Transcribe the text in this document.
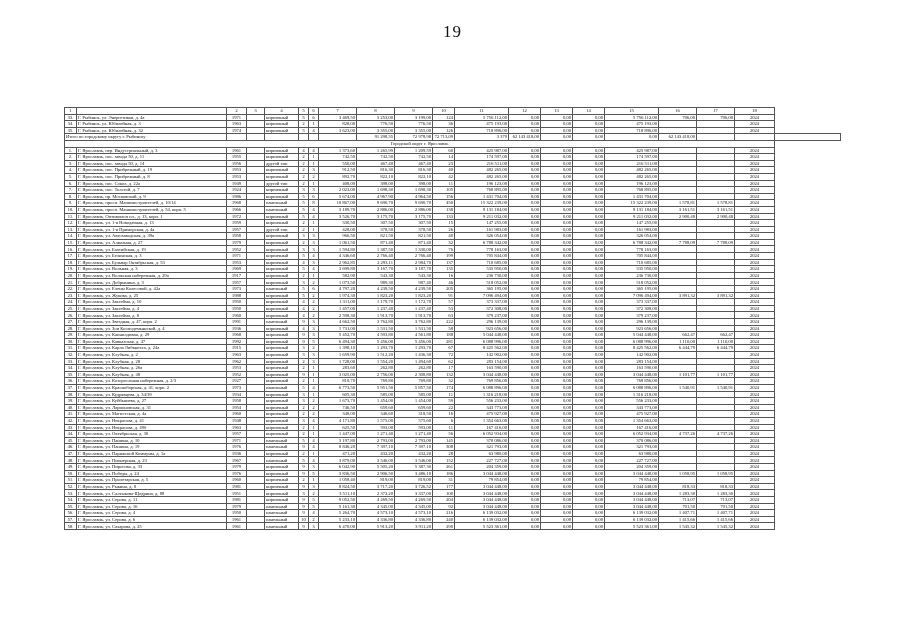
19
1		2	3	4	5	6	7	8	9	10	11	12	13	14	15	16	17	18	
33.	Г. Рыбинск, ул. Энергетиков, д. 4а	1971		кирпичный	5	6	3 469,50	3 253,00	3 199,00	124	5 756 112,00	0,00	0,00	0,00	5 756 112,00	706,00	706,00	2024	
34.	Г. Рыбинск, ул. Юбилейная, д. 3	1963		кирпичный	2	1	828,00	776,50	776,50	36	475 193,00	0,00	0,00	0,00	475 193,00			2024	
35.	Г. Рыбинск, ул. Юбилейная, д. 32	1974		кирпичный	5	4	3 623,00	3 355,00	3 355,00	126	718 896,00	0,00	0,00	0,00	718 896,00			2024	
Итого по городскому округу г. Рыбинску								91 298,35	72 978,98	72 713,09	3 379	62 143 418,00	0,00	0,00	0,00	62 143 418,00			
Городской округ г. Ярославль																			
1.	Г. Ярославль, пер. Индустриальный, д. 3	1961		кирпичный	4	4	1 373,60	1 265,99	1 209,59	60	425 987,00	0,00	0,00	0,00	425 987,00			2024	
2.	Г. Ярославль, пос. завода 50, д. 11	1955		кирпичный	2	1	742,50	742,50	742,50	14	174 597,00	0,00	0,00	0,00	174 597,00			2024	
3.	Г. Ярославль, пос. завода 50, д. 14	1956		другой тип	2	1	550,00	467,40	467,40	23	216 511,00	0,00	0,00	0,00	216 511,00			2024	
4.	Г. Ярославль, пос. Прибрежный, д. 19	1953		кирпичный	2	3	912,50	816,30	816,30	40	482 265,00	0,00	0,00	0,00	482 265,00			2024	
5.	Г. Ярославль, пос. Прибрежный, д. 8	1953		кирпичный	2	2	892,70	822,10	822,10	42	482 265,00	0,00	0,00	0,00	482 265,00			2024	
6.	Г. Ярославль, пос. Сокол, д. 22а	1949		другой тип	2	1	408,00	398,00	398,00	11	196 123,00	0,00	0,00	0,00	196 123,00			2024	
7.	Г. Ярославль, пос. Толстой, д. 7	1924		кирпичный	3	3	2 023,00	1 698,30	1 698,30	105	768 895,00	0,00	0,00	0,00	768 895,00			2024	
8.	Г. Ярославль, пр. Московский, д. 9	1986		кирпичный	5	6	5 674,00	4 967,90	4 964,50	156	1 431 704,00	0,00	0,00	0,00	1 431 704,00			2024	
9.	Г. Ярославль, просп. Машиностроителей, д. 10/14	1968		панельный	5	8	10 867,00	9 690,70	9 690,70	450	15 322 239,00	0,00	0,00	0,00	15 322 239,00	1 578,81	1 578,81	2024	
10.	Г. Ярославль, просп. Машиностроителей, д. 54, корп. 5	1966		панельный	5	4	3 189,70	2 886,00	2 886,00	138	9 131 184,00	0,00	0,00	0,00	9 131 184,00	3 161,51	3 161,51	2024	
11.	Г. Ярославль, Оптимилоп пл., д. 13, корп. 1	1972		кирпичный	5	4	3 526,70	3 175,70	3 175,70	133	9 211 032,00	0,00	0,00	0,00	9 211 032,00	2 900,48	2 900,48	2024	
12.	Г. Ярославль, ул. 1-я Новодачная, д. 13	1959		кирпичный	2	1	330,50	307,50	307,50	15	147 255,00	0,00	0,00	0,00	147 255,00			2024	
13.	Г. Ярославль, ул. 1-я Приморская, д. 4а	1957		другой тип	2	1	428,00	378,50	378,50	26	161 983,00	0,00	0,00	0,00	161 983,00			2024	
14.	Г. Ярославль, ул. Автозаводская, д. 39а	1958		кирпичный	3	3	966,50	821,50	821,50	40	326 054,00	0,00	0,00	0,00	326 054,00			2024	
15.	Г. Ярославль, ул. Алмазная, д. 27	1979		кирпичный	2	3	1 061,50	871,40	871,40	32	6 788 342,00	0,00	0,00	0,00	6 788 342,00	7 788,09	7 788,09	2024	
16.	Г. Ярославль, ул. Бахтийская, д. 19	1952		кирпичный	3	3	1 594,80	1 387,50	1 330,00	76	778 163,00	0,00	0,00	0,00	778 163,00			2024	
17.	Г. Ярославль, ул. Белинская, д. 3	1971		кирпичный	5	4	4 346,60	2 766,40	2 766,40	199	705 844,00	0,00	0,00	0,00	705 844,00			2024	
18.	Г. Ярославль, ул. Бульвар Октябрьская, д. 53	1953		кирпичный	4	3	2 962,85	2 293,11	2 984,70	137	710 685,00	0,00	0,00	0,00	710 685,00			2024	
19.	Г. Ярославль, ул. Вольная, д. 3	1969		кирпичный	5	4	3 699,80	3 167,70	3 187,70	135	535 950,00	0,00	0,00	0,00	535 950,00			2024	
20.	Г. Ярославль, ул. Волжская набережная, д. 29а	1917		кирпичный	2	1	582,90	543,30	543,30	16	236 730,00	0,00	0,00	0,00	236 730,00			2024	
21.	Г. Ярославль, ул. Добрынина, д. 3	1957		кирпичный	3	2	1 073,50	989,30	987,40	46	518 052,00	0,00	0,00	0,00	518 052,00			2024	
22.	Г. Ярославль, ул. Елены Колесовой, д. 42а	1973		панельный	5	6	4 797,20	4 239,50	4 239,50	205	365 195,00	0,00	0,00	0,00	365 195,00			2024	
23.	Г. Ярославль, ул. Жукова, д. 25	1988		кирпичный	5	2	1 974,30	1 823,20	1 823,20	91	7 096 494,00	0,00	0,00	0,00	7 096 494,00	3 891,32	3 891,32	2024	
24.	Г. Ярославль, ул. Закгейма, д. 10	1950		кирпичный	4	2	1 311,00	1 179,70	1 172,70	57	373 337,00	0,00	0,00	0,00	373 337,00			2024	
25.	Г. Ярославль, ул. Закгейма, д. 4	1950		кирпичный	4	2	1 457,00	1 237,40	1 237,40	53	372 308,00	0,00	0,00	0,00	372 308,00			2024	
26.	Г. Ярославль, ул. Закгейма, д. 8	1960		кирпичный	4	2	2 598,30	1 913,70	1 913,70	63	379 237,00	0,00	0,00	0,00	379 237,00			2024	
27.	Г. Ярославль, ул. Звездная, д. 47, корп. 2	1991		панельный	9	3	4 662,50	3 762,80	3 762,80	222	296 139,00	0,00	0,00	0,00	296 139,00			2024	
28.	Г. Ярославль, ул. Зои Космодемьянской, д. 4	1936		кирпичный	4	3	1 731,00	1 531,50	1 531,50	58	923 656,00	0,00	0,00	0,00	923 656,00			2024	
29.	Г. Ярославль, ул. Капнилдивая, д. 29	1968		кирпичный	9	3	5 452,70	4 593,80	4 561,80	188	5 044 448,00	0,00	0,00	0,00	5 044 448,00	662,47	662,47	2024	
30.	Г. Ярославль, ул. Кавказская, д. 47	1992		кирпичный	9	5	6 494,30	5 456,00	5 456,00	281	6 088 996,00	0,00	0,00	0,00	6 088 996,00	1 110,00	1 110,00	2024	
31.	Г. Ярославль, ул. Карла Либкнехта, д. 24а	1915		кирпичный	3	2	1 398,10	1 293,70	1 293,70	67	8 425 562,00	0,00	0,00	0,00	8 425 562,00	6 444,79	6 444,79	2024	
32.	Г. Ярославль, ул. Клубная, д. 2	1963		кирпичный	3	3	1 659,90	1 512,20	1 436,30	72	142 902,00	0,00	0,00	0,00	142 902,00			2024	
33.	Г. Ярославль, ул. Клубная, д. 28	1962		кирпичный	2	3	1 728,00	1 554,20	1 494,60	62	283 154,00	0,00	0,00	0,00	283 154,00			2024	
34.	Г. Ярославль, ул. Клубная, д. 26а	1953		кирпичный	2	1	283,60	262,80	262,80	17	163 590,00	0,00	0,00	0,00	163 590,00			2024	
35.	Г. Ярославль, ул. Клубная, д. 48	1952		кирпичный	9	1	3 025,00	2 756,00	2 308,80	132	3 044 448,00	0,00	0,00	0,00	3 044 448,00	1 101,77	1 101,77	2024	
36.	Г. Ярославль, ул. Которосльная набережная, д. 2/3	1927		кирпичный	2	1	810,70	769,80	769,80	32	769 856,00	0,00	0,00	0,00	769 856,00			2024	
37.	Г. Ярославль, ул. Красноборская, д. 41, корп. 2	1973		панельный	5	4	6 773,50	5 951,50	5 857,50	174	6 088 896,00	0,00	0,00	0,00	6 088 896,00	1 540,91	1 540,91	2024	
38.	Г. Ярославль, ул. Кудрявцева, д. 34/39	1934		кирпичный	3	1	605,30	585,00	585,00	11	1 316 218,00	0,00	0,00	0,00	1 316 218,00			2024	
39.	Г. Ярославль, ул. Куйбышева, д. 27	1958		кирпичный	3	2	1 673,70	1 454,00	1 454,00	59	556 233,00	0,00	0,00	0,00	556 233,00			2024	
40.	Г. Ярославль, ул. Ларионовская, д. 31	1954		кирпичный	2	2	746,50	659,60	659,60	22	343 773,00	0,00	0,00	0,00	343 773,00			2024	
41.	Г. Ярославль, ул. Магистская, д. 4а	1960		кирпичный	2	2	348,00	346,60	318,50	16	475 927,00	0,00	0,00	0,00	475 927,00			2024	
42.	Г. Ярославль, ул. Некрасова, д. 41	1948		кирпичный	3	4	4 171,80	1 575,00	575,60	6	1 354 663,00	0,00	0,00	0,00	1 354 663,00			2024	
43.	Г. Ярославль, ул. Некрасова, д. 49б	1963		кирпичный	2	1	625,50	593,00	593,00	11	167 416,00	0,00	0,00	0,00	167 416,00			2024	
44.	Г. Ярославль, ул. Октябрьская, д. 30	1957		кирпичный	2	1	1 447,00	1 271,40	1 271,40	56	6 052 934,00	0,00	0,00	0,00	6 052 934,00	4 737,26	4 737,26	2024	
45.	Г. Ярославль, ул. Пашина, д. 10	1971		панельный	5	4	3 197,80	2 793,00	2 793,00	145	370 086,00	0,00	0,00	0,00	370 086,00			2024	
46.	Г. Ярославль, ул. Пашина, д. 19	1976		панельный	9	4	8 846,20	7 397,10	7 397,10	308	321 793,00	0,00	0,00	0,00	321 793,00			2024	
47.	Г. Ярославль, ул. Парижской Коммуны, д. 1а	1936		кирпичный	2	1	471,20	432,20	432,20	28	63 980,00	0,00	0,00	0,00	63 980,00			2024	
48.	Г. Ярославль, ул. Пионерская, д. 23	1967		панельный	5	4	3 879,00	3 546,00	3 546,00	152	227 727,00	0,00	0,00	0,00	227 727,00			2024	
49.	Г. Ярославль, ул. Пирогова, д. 33	1979		кирпичный	9	3	6 042,90	5 505,20	5 387,30	261	204 359,00	0,00	0,00	0,00	204 359,00			2024	
50.	Г. Ярославль, ул. Победы, д. 24	1976		кирпичный	9	5	3 836,50	2 906,50	3 486,10	186	3 044 448,00	0,00	0,00	0,00	3 044 448,00	1 058,95	1 058,95	2024	
51.	Г. Ярославль, ул. Пролетарская, д. 5	1960		кирпичный	2	1	1 058,40	819,00	819,00	31	79 854,00	0,00	0,00	0,00	79 854,00			2024	
52.	Г. Ярославль, ул. Рыкина, д. 8	1981		кирпичный	9	3	8 824,50	3 717,20	3 726,52	177	3 044 448,00	0,00	0,00	0,00	3 044 448,00	818,33	818,33	2024	
53.	Г. Ярославль, ул. Салтыкова-Щедрина, д. 88	1951		кирпичный	3	2	3 511,10	2 372,20	3 337,00	100	3 044 448,00	0,00	0,00	0,00	3 044 448,00	1 283,30	1 283,30	2024	
54.	Г. Ярославль, ул. Серова, д. 11	1981		кирпичный	9	5	9 052,50	4 269,50	4 269,50	204	3 044 448,00	0,00	0,00	0,00	3 044 448,00	713,07	713,07	2024	
55.	Г. Ярославль, ул. Серова, д. 16	1979		панельный	9	5	5 161,30	4 345,00	4 345,00	92	3 044 448,00	0,00	0,00	0,00	3 044 448,00	701,50	701,50	2024	
56.	Г. Ярославль, ул. Серова, д. 4	1950		панельный	9	4	5 264,70	4 573,10	4 573,10	216	6 139 032,00	0,00	0,00	0,00	6 139 032,00	1 407,71	1 407,71	2024	
57.	Г. Ярославль, ул. Серова, д. 6	1961		панельный	10	2	5 233,10	4 336,80	4 336,80	240	6 139 032,00	0,00	0,00	0,00	6 139 032,00	1 415,66	1 415,66	2024	
58.	Г. Ярославль, ул. Сахарова, д. 25	1961		панельный	9	3	6 470,00	5 913,20	3 911,20	290	5 523 361,00	0,00	0,00	0,00	5 523 361,00	1 545,32	1 545,32	2024	
